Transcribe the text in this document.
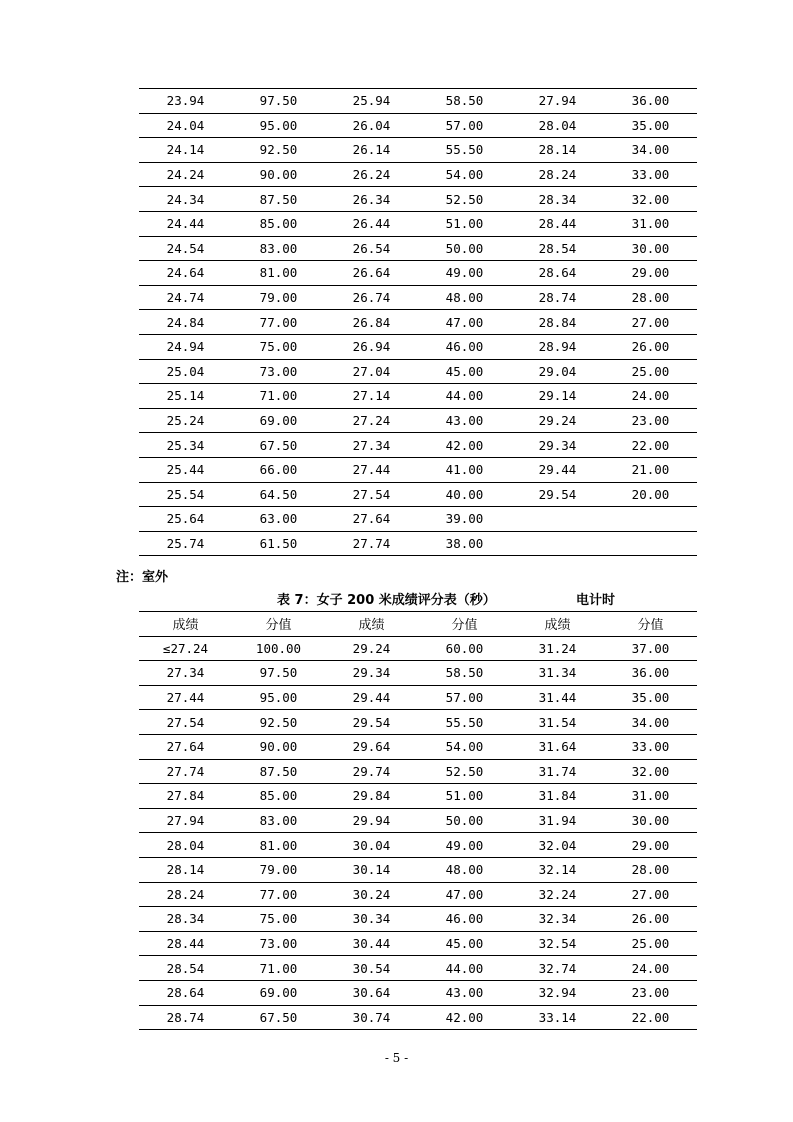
23.94	97.50	25.94	58.50	27.94	36.00
24.04	95.00	26.04	57.00	28.04	35.00
24.14	92.50	26.14	55.50	28.14	34.00
24.24	90.00	26.24	54.00	28.24	33.00
24.34	87.50	26.34	52.50	28.34	32.00
24.44	85.00	26.44	51.00	28.44	31.00
24.54	83.00	26.54	50.00	28.54	30.00
24.64	81.00	26.64	49.00	28.64	29.00
24.74	79.00	26.74	48.00	28.74	28.00
24.84	77.00	26.84	47.00	28.84	27.00
24.94	75.00	26.94	46.00	28.94	26.00
25.04	73.00	27.04	45.00	29.04	25.00
25.14	71.00	27.14	44.00	29.14	24.00
25.24	69.00	27.24	43.00	29.24	23.00
25.34	67.50	27.34	42.00	29.34	22.00
25.44	66.00	27.44	41.00	29.44	21.00
25.54	64.50	27.54	40.00	29.54	20.00
25.64	63.00	27.64	39.00		
25.74	61.50	27.74	38.00		
注：室外
表 7：女子 200 米成绩评分表（秒）	电计时
成绩	分值	成绩	分值	成绩	分值
≤27.24	100.00	29.24	60.00	31.24	37.00
27.34	97.50	29.34	58.50	31.34	36.00
27.44	95.00	29.44	57.00	31.44	35.00
27.54	92.50	29.54	55.50	31.54	34.00
27.64	90.00	29.64	54.00	31.64	33.00
27.74	87.50	29.74	52.50	31.74	32.00
27.84	85.00	29.84	51.00	31.84	31.00
27.94	83.00	29.94	50.00	31.94	30.00
28.04	81.00	30.04	49.00	32.04	29.00
28.14	79.00	30.14	48.00	32.14	28.00
28.24	77.00	30.24	47.00	32.24	27.00
28.34	75.00	30.34	46.00	32.34	26.00
28.44	73.00	30.44	45.00	32.54	25.00
28.54	71.00	30.54	44.00	32.74	24.00
28.64	69.00	30.64	43.00	32.94	23.00
28.74	67.50	30.74	42.00	33.14	22.00
- 5 -
